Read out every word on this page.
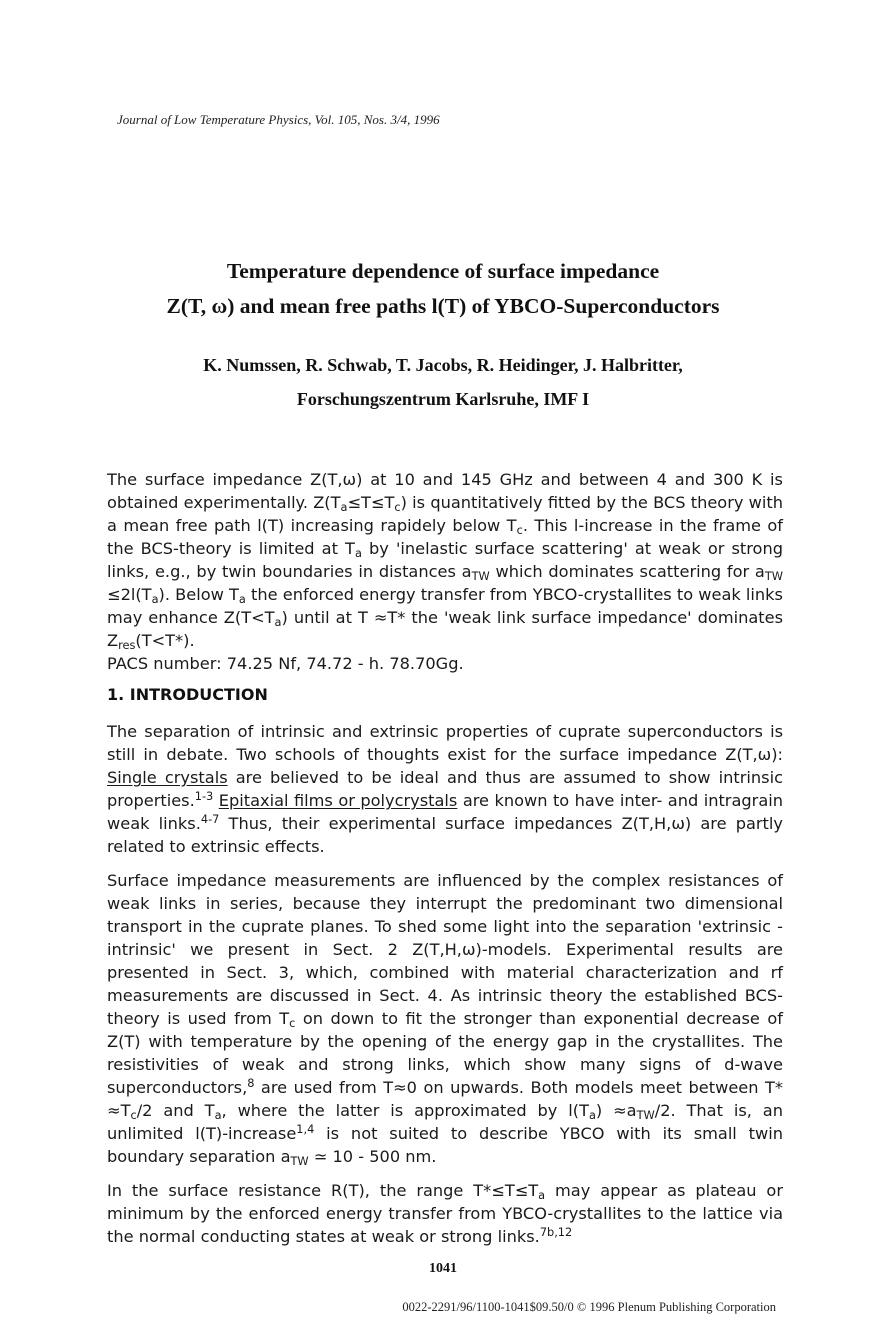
Journal of Low Temperature Physics, Vol. 105, Nos. 3/4, 1996
Temperature dependence of surface impedance
Z(T, ω) and mean free paths l(T) of YBCO-Superconductors
K. Numssen, R. Schwab, T. Jacobs, R. Heidinger, J. Halbritter,
Forschungszentrum Karlsruhe, IMF I

The surface impedance Z(T,ω) at 10 and 145 GHz and between 4 and 300 K is obtained experimentally. $Z(T_a\le T\le T_c)$ is quantitatively fitted by the BCS theory with a mean free path l(T) increasing rapidely below $T_c$. This l-increase in the frame of the BCS-theory is limited at $T_a$ by 'inelastic surface scattering' at weak or strong links, e.g., by twin boundaries in distances $a_{TW}$ which dominates scattering for $a_{TW} \le 2l(T_a)$. Below $T_a$ the enforced energy transfer from YBCO-crystallites to weak links may enhance $Z(T<T_a)$ until at T ≈T* the 'weak link surface impedance' dominates $Z_{res}(T<T*)$.

PACS number: 74.25 Nf, 74.72 - h. 78.70Gg.

1. INTRODUCTION

The separation of intrinsic and extrinsic properties of cuprate superconductors is still in debate. Two schools of thoughts exist for the surface impedance Z(T,ω): Single crystals are believed to be ideal and thus are assumed to show intrinsic properties.$^{1-3}$ Epitaxial films or polycrystals are known to have inter- and intragrain weak links.$^{4-7}$ Thus, their experimental surface impedances Z(T,H,ω) are partly related to extrinsic effects.

Surface impedance measurements are influenced by the complex resistances of weak links in series, because they interrupt the predominant two dimensional transport in the cuprate planes. To shed some light into the separation 'extrinsic - intrinsic' we present in Sect. 2 Z(T,H,ω)-models. Experimental results are presented in Sect. 3, which, combined with material characterization and rf measurements are discussed in Sect. 4. As intrinsic theory the established BCS-theory is used from $T_c$ on down to fit the stronger than exponential decrease of Z(T) with temperature by the opening of the energy gap in the crystallites. The resistivities of weak and strong links, which show many signs of d-wave superconductors,$^8$ are used from T≈0 on upwards. Both models meet between $T* \approx T_c/2$ and $T_a$, where the latter is approximated by $l(T_a) \approx a_{TW}/2$. That is, an unlimited l(T)-increase$^{1,4}$ is not suited to describe YBCO with its small twin boundary separation $a_{TW}$ ≃ 10 - 500 nm.

In the surface resistance R(T), the range $T*\le T\le T_a$ may appear as plateau or minimum by the enforced energy transfer from YBCO-crystallites to the lattice via the normal conducting states at weak or strong links.$^{7b,12}$

1041
0022-2291/96/1100-1041$09.50/0 © 1996 Plenum Publishing Corporation
